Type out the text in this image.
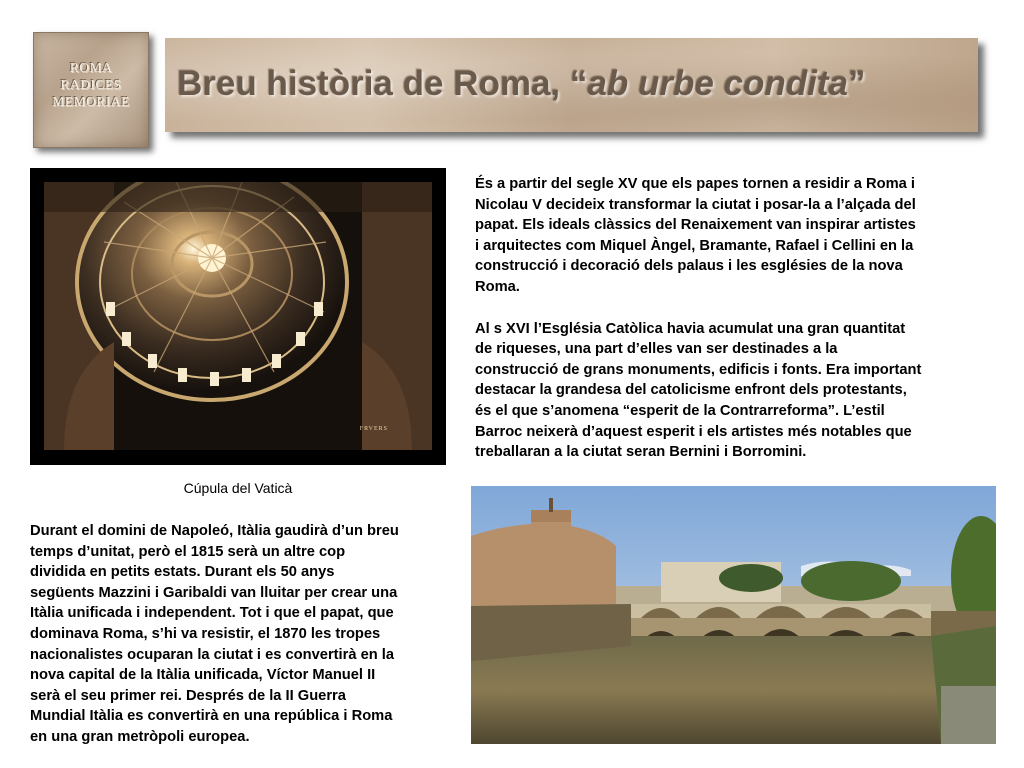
ROMA
RADICES
MEMORIAE	Breu història de Roma, “ab urbe condita”
FRVERS
Cúpula del Vaticà

És a partir del segle XV que els papes tornen a residir a Roma i
Nicolau V decideix transformar la ciutat i posar-la a l’alçada del
papat. Els ideals clàssics del Renaixement van inspirar artistes
i arquitectes com Miquel Àngel, Bramante, Rafael i Cellini en la
construcció i decoració dels palaus i les esglésies de la nova
Roma.

Al s XVI l’Església Catòlica havia acumulat una gran quantitat
de riqueses, una part d’elles van ser destinades a la
construcció de grans monuments, edificis i fonts. Era important
destacar la grandesa del catolicisme enfront dels protestants,
és el que s’anomena “esperit de la Contrarreforma”. L’estil
Barroc neixerà d’aquest esperit i els artistes més notables que
treballaran a la ciutat seran Bernini i Borromini.

Durant el domini de Napoleó, Itàlia gaudirà d’un breu
temps d’unitat, però el 1815 serà un altre cop
dividida en petits estats. Durant els 50 anys
següents Mazzini i Garibaldi van lluitar per crear una
Itàlia unificada i independent. Tot i que el papat, que
dominava Roma, s’hi va resistir, el 1870 les tropes
nacionalistes ocuparan la ciutat i es convertirà en la
nova capital de la Itàlia unificada, Víctor Manuel II
serà el seu primer rei. Després de la II Guerra
Mundial Itàlia es convertirà en una república i Roma
en una gran metròpoli europea.
